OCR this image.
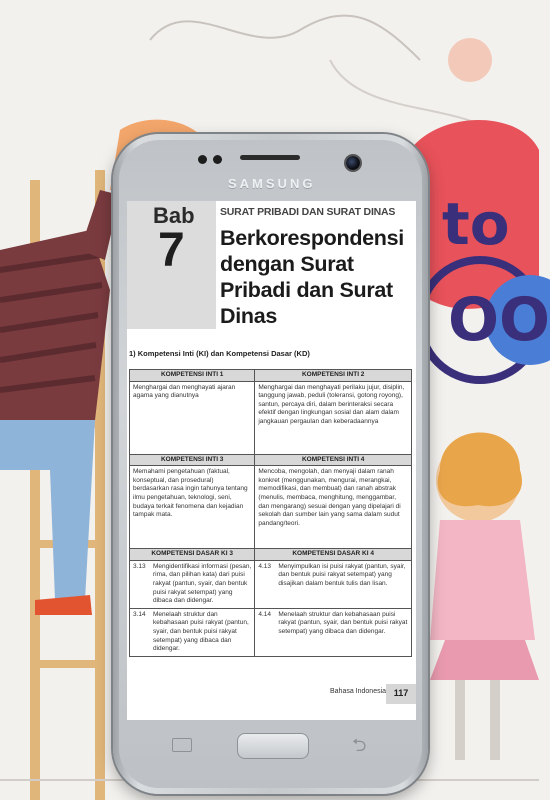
to
OO
SAMSUNG
Bab
7
SURAT PRIBADI DAN SURAT DINAS
Berkorespondensi dengan Surat Pribadi dan Surat Dinas
1) Kompetensi Inti (KI) dan Kompetensi Dasar (KD)
KOMPETENSI INTI 1	KOMPETENSI INTI 2
Menghargai dan menghayati ajaran agama yang dianutnya	Menghargai dan menghayati perilaku jujur, disiplin, tanggung jawab, peduli (toleransi, gotong royong), santun, percaya diri, dalam berinteraksi secara efektif dengan lingkungan sosial dan alam dalam jangkauan pergaulan dan keberadaannya
KOMPETENSI INTI 3	KOMPETENSI INTI 4
Memahami pengetahuan (faktual, konseptual, dan prosedural) berdasarkan rasa ingin tahunya tentang ilmu pengetahuan, teknologi, seni, budaya terkait fenomena dan kejadian tampak mata.	Mencoba, mengolah, dan menyaji dalam ranah konkret (menggunakan, mengurai, merangkai, memodifikasi, dan membuat) dan ranah abstrak (menulis, membaca, menghitung, menggambar, dan mengarang) sesuai dengan yang dipelajari di sekolah dan sumber lain yang sama dalam sudut pandang/teori.
KOMPETENSI DASAR KI 3	KOMPETENSI DASAR KI 4

3.13 Mengidentifikasi informasi (pesan, rima, dan pilihan kata) dari puisi rakyat (pantun, syair, dan bentuk puisi rakyat setempat) yang dibaca dan didengar.	4.13 Menyimpulkan isi puisi rakyat (pantun, syair, dan bentuk puisi rakyat setempat) yang disajikan dalam bentuk tulis dan lisan.

3.14 Menelaah struktur dan kebahasaan puisi rakyat (pantun, syair, dan bentuk puisi rakyat setempat) yang dibaca dan didengar.	4.14 Menelaah struktur dan kebahasaan puisi rakyat (pantun, syair, dan bentuk puisi rakyat setempat) yang dibaca dan didengar.
Bahasa Indonesia 117
⮌
